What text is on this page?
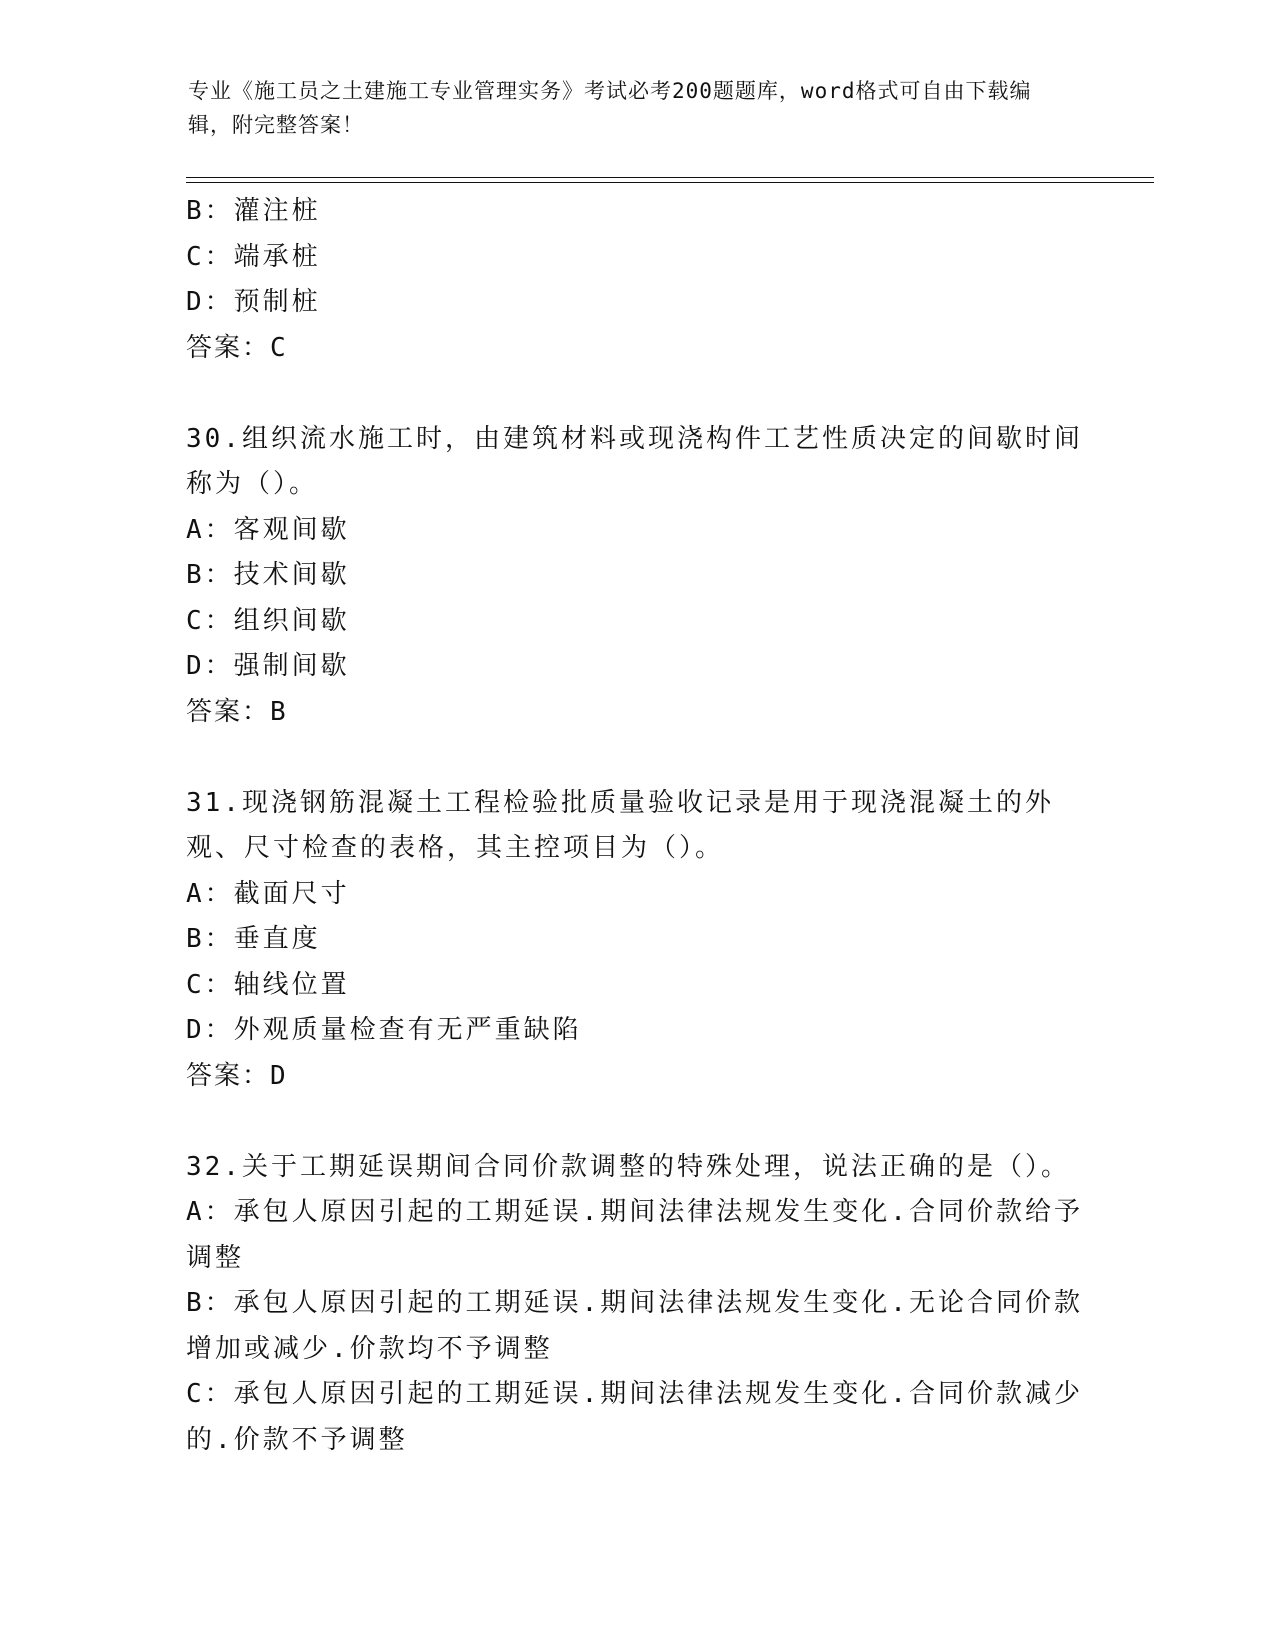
专业《施工员之土建施工专业管理实务》考试必考200题题库，word格式可自由下载编辑，附完整答案！

B：灌注桩

C：端承桩

D：预制桩

答案：C

30.组织流水施工时，由建筑材料或现浇构件工艺性质决定的间歇时间称为（）。

A：客观间歇

B：技术间歇

C：组织间歇

D：强制间歇

答案：B

31.现浇钢筋混凝土工程检验批质量验收记录是用于现浇混凝土的外观、尺寸检查的表格，其主控项目为（）。

A：截面尺寸

B：垂直度

C：轴线位置

D：外观质量检查有无严重缺陷

答案：D

32.关于工期延误期间合同价款调整的特殊处理，说法正确的是（）。

A：承包人原因引起的工期延误.期间法律法规发生变化.合同价款给予调整

B：承包人原因引起的工期延误.期间法律法规发生变化.无论合同价款增加或减少.价款均不予调整

C：承包人原因引起的工期延误.期间法律法规发生变化.合同价款减少的.价款不予调整
